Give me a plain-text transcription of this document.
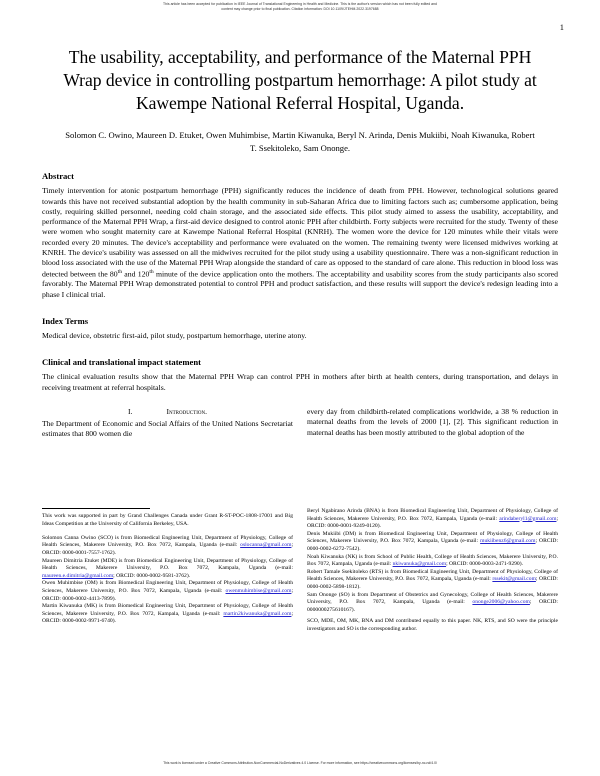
This article has been accepted for publication in IEEE Journal of Translational Engineering in Health and Medicine. This is the author's version which has not been fully edited and
content may change prior to final publication. Citation information: DOI 10.1109/JTEHM.2022.3197688
1
The usability, acceptability, and performance of the Maternal PPH Wrap device in controlling postpartum hemorrhage: A pilot study at Kawempe National Referral Hospital, Uganda.
Solomon C. Owino, Maureen D. Etuket, Owen Muhimbise, Martin Kiwanuka, Beryl N. Arinda, Denis Mukiibi, Noah Kiwanuka, Robert T. Ssekitoleko, Sam Ononge.
Abstract

Timely intervention for atonic postpartum hemorrhage (PPH) significantly reduces the incidence of death from PPH. However, technological solutions geared towards this have not received substantial adoption by the health community in sub-Saharan Africa due to limiting factors such as; cumbersome application, being costly, requiring skilled personnel, needing cold chain storage, and the associated side effects. This pilot study aimed to assess the usability, acceptability, and performance of the Maternal PPH Wrap, a first-aid device designed to control atonic PPH after childbirth. Forty subjects were recruited for the study. Twenty of these were women who sought maternity care at Kawempe National Referral Hospital (KNRH). The women wore the device for 120 minutes while their vitals were recorded every 20 minutes. The device's acceptability and performance were evaluated on the women. The remaining twenty were licensed midwives working at KNRH. The device's usability was assessed on all the midwives recruited for the pilot study using a usability questionnaire. There was a non-significant reduction in blood loss associated with the use of the Maternal PPH Wrap alongside the standard of care as opposed to the standard of care alone. This reduction in blood loss was detected between the 80th and 120th minute of the device application onto the mothers. The acceptability and usability scores from the study participants also scored favorably. The Maternal PPH Wrap demonstrated potential to control PPH and product satisfaction, and these results will support the device's redesign leading into a phase I clinical trial.

Index Terms

Medical device, obstetric first-aid, pilot study, postpartum hemorrhage, uterine atony.

Clinical and translational impact statement

The clinical evaluation results show that the Maternal PPH Wrap can control PPH in mothers after birth at health centers, during transportation, and delays in receiving treatment at referral hospitals.

I.	Introduction.

The Department of Economic and Social Affairs of the United Nations Secretariat estimates that 800 women die

every day from childbirth-related complications worldwide, a 38 % reduction in maternal deaths from the levels of 2000 [1], [2]. This significant reduction in maternal deaths has been mostly attributed to the global adoption of the

This work was supported in part by Grand Challenges Canada under Grant R-ST-POC-1808-17001 and Big Ideas Competition at the University of California Berkeley, USA.

Solomon Canna Owino (SCO) is from Biomedical Engineering Unit, Department of Physiology, College of Health Sciences, Makerere University, P.O. Box 7072, Kampala, Uganda (e-mail: oslocanna@gmail.com; ORCID: 0000-0001-7557-1762).

Maureen Dimitria Etuket (MDE) is from Biomedical Engineering Unit, Department of Physiology, College of Health Sciences, Makerere University, P.O. Box 7072, Kampala, Uganda (e-mail: maureen.e.dimitria@gmail.com; ORCID: 0000-0002-9581-3762).

Owen Muhimbise (OM) is from Biomedical Engineering Unit, Department of Physiology, College of Health Sciences, Makerere University, P.O. Box 7072, Kampala, Uganda (e-mail: owenmuhimbise@gmail.com; ORCID: 0000-0002-4413-7899).

Martin Kiwanuka (MK) is from Biomedical Engineering Unit, Department of Physiology, College of Health Sciences, Makerere University, P.O. Box 7072, Kampala, Uganda (e-mail: martin2kiwanuka@gmail.com; ORCID: 0000-0002-9971-6740).

Beryl Ngabirano Arinda (BNA) is from Biomedical Engineering Unit, Department of Physiology, College of Health Sciences, Makerere University, P.O. Box 7072, Kampala, Uganda (e-mail: arindaberyl1@gmail.com; ORCID: 0000-0001-9249-0120).

Denis Mukiibi (DM) is from Biomedical Engineering Unit, Department of Physiology, College of Health Sciences, Makerere University, P.O. Box 7072, Kampala, Uganda (e-mail: mukiibenz6@gmail.com; ORCID: 0000-0002-6272-7542).

Noah Kiwanuka (NK) is from School of Public Health, College of Health Sciences, Makerere University, P.O. Box 7072, Kampala, Uganda (e-mail: nkiwanuka@gmail.com; ORCID: 0000-0003-2471-9290).

Robert Tamale Ssekitoleko (RTS) is from Biomedical Engineering Unit, Department of Physiology, College of Health Sciences, Makerere University, P.O. Box 7072, Kampala, Uganda (e-mail: rssekit@gmail.com; ORCID: 0000-0002-5898-1812).

Sam Ononge (SO) is from Department of Obstetrics and Gynecology, College of Health Sciences, Makerere University, P.O. Box 7072, Kampala, Uganda (e-mail: ononge2006@yahoo.com; ORCID: 0000000275610167).

SCO, MDE, OM, MK, BNA and DM contributed equally to this paper. NK, RTS, and SO were the principle investigators and SO is the corresponding author.

This work is licensed under a Creative Commons Attribution-NonCommercial-NoDerivatives 4.0 License. For more information, see https://creativecommons.org/licenses/by-nc-nd/4.0/
